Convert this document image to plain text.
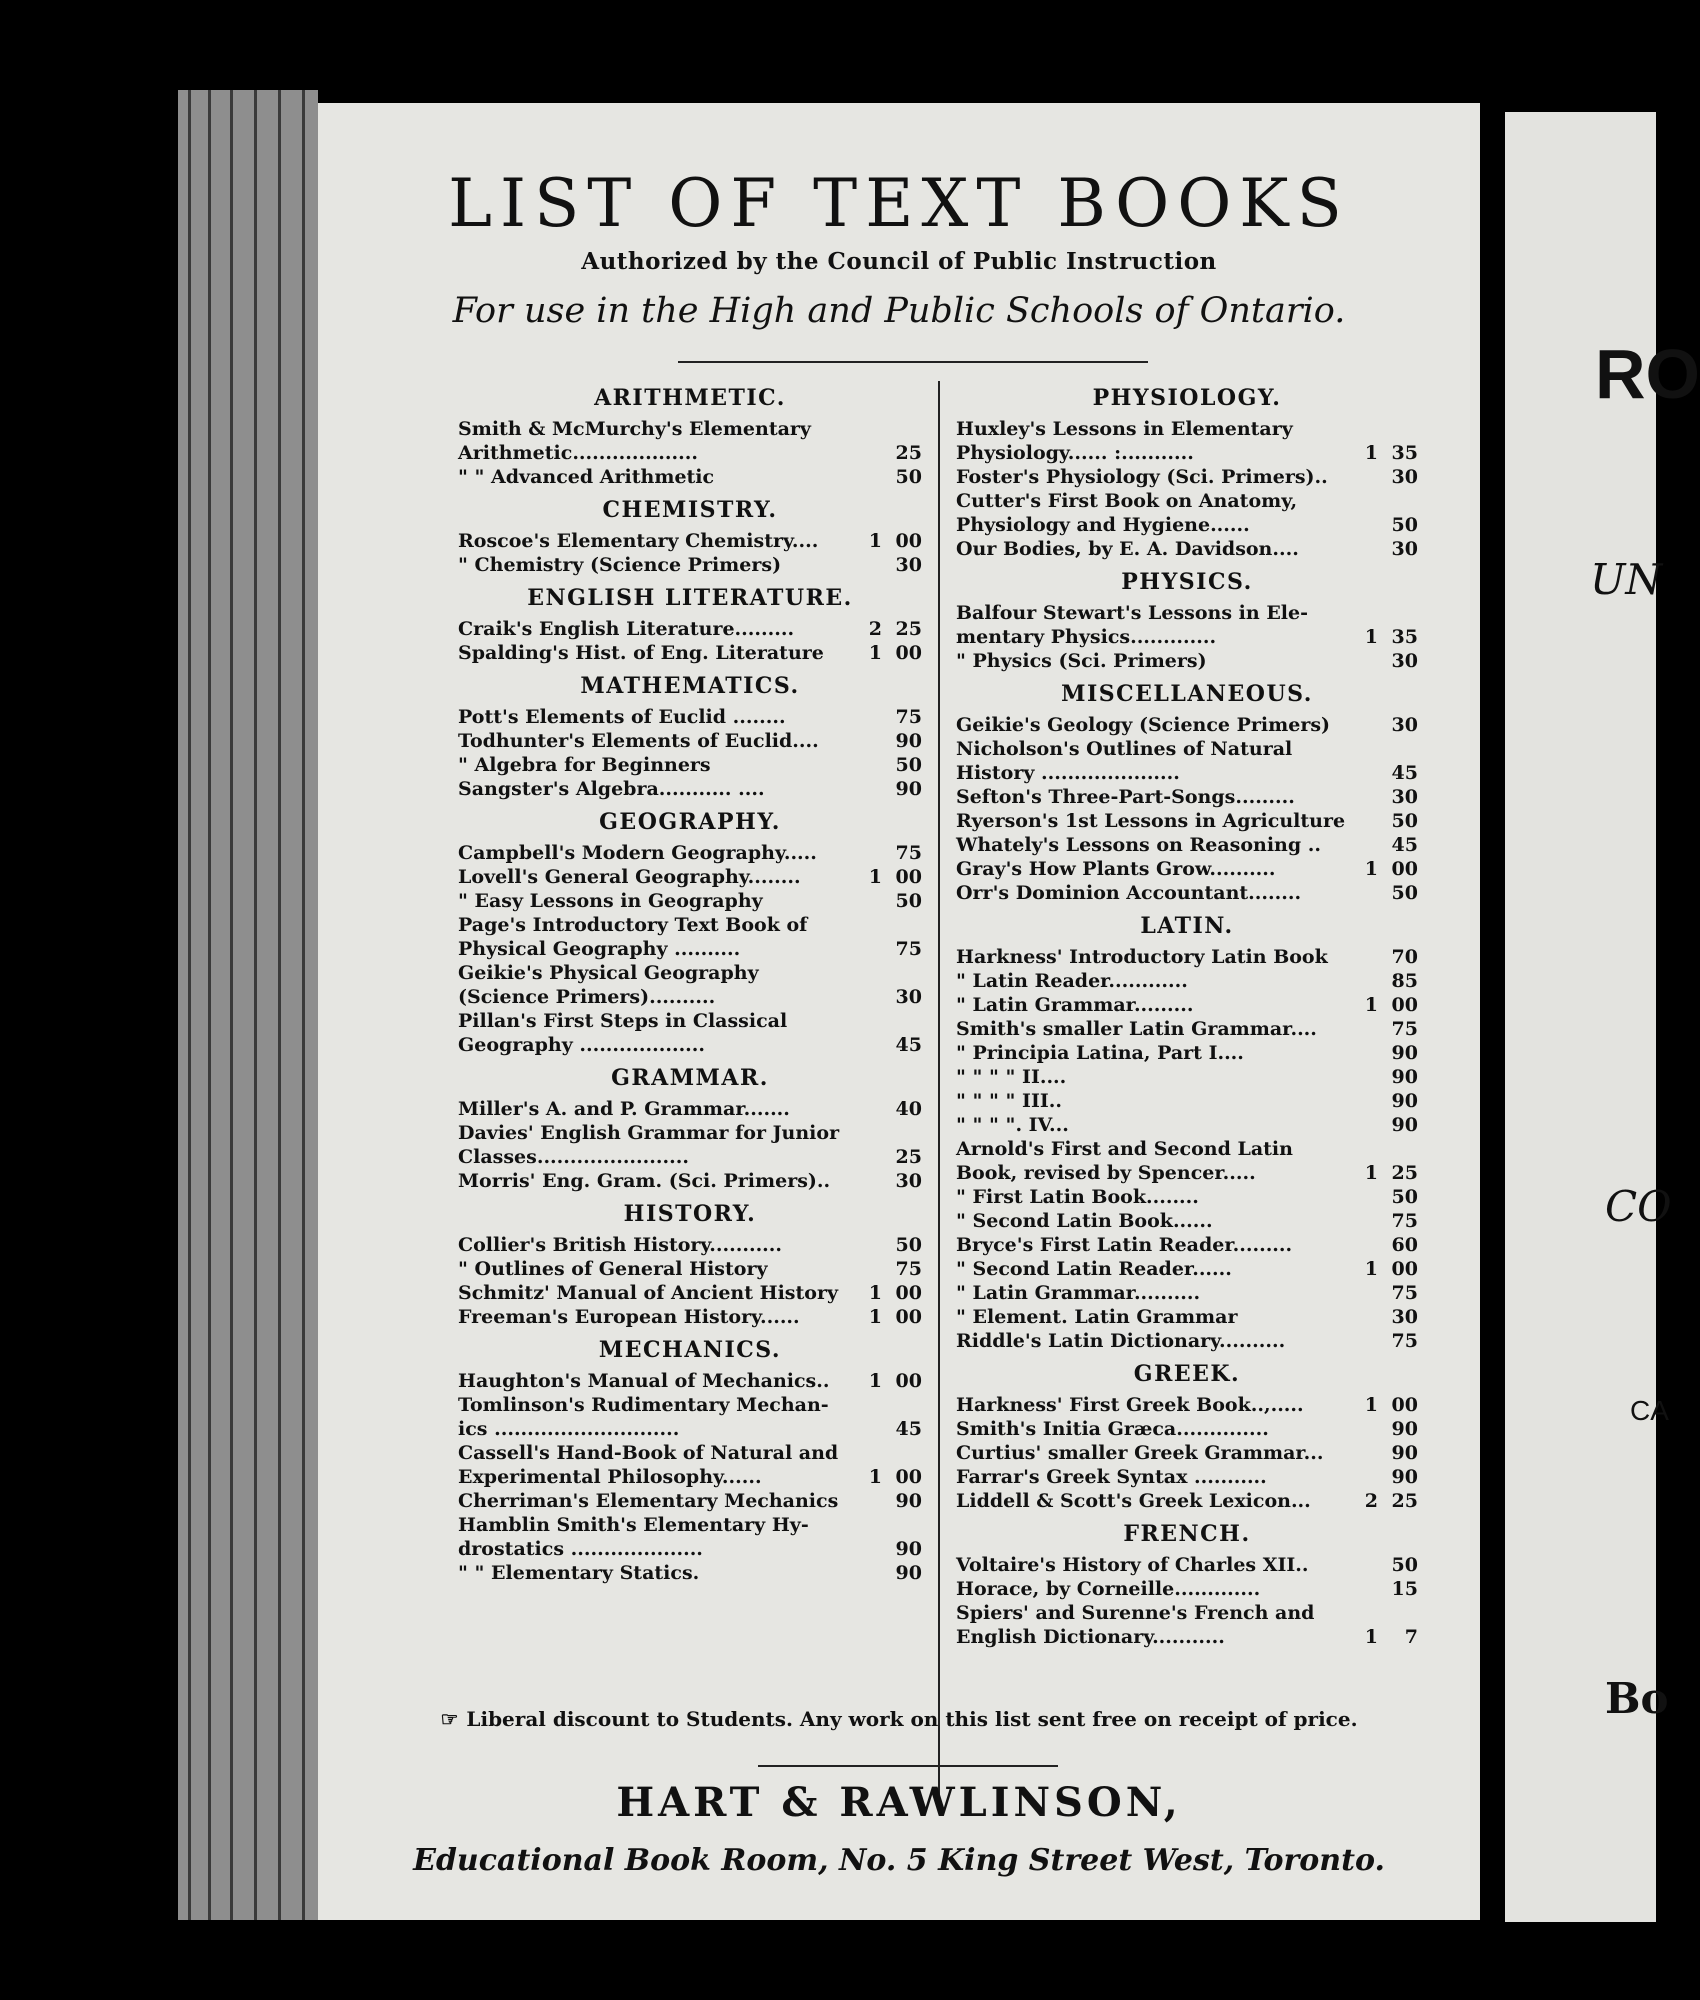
LIST OF TEXT BOOKS
Authorized by the Council of Public Instruction
For use in the High and Public Schools of Ontario.
ARITHMETIC.
Smith & McMurchy's Elementary
Arithmetic...................	25
" " Advanced Arithmetic	50
CHEMISTRY.
Roscoe's Elementary Chemistry....	1 00
" Chemistry (Science Primers)	30
ENGLISH LITERATURE.
Craik's English Literature.........	2 25
Spalding's Hist. of Eng. Literature	1 00
MATHEMATICS.
Pott's Elements of Euclid ........	75
Todhunter's Elements of Euclid....	90
" Algebra for Beginners	50
Sangster's Algebra........... ....	90
GEOGRAPHY.
Campbell's Modern Geography.....	75
Lovell's General Geography........	1 00
" Easy Lessons in Geography	50
Page's Introductory Text Book of
Physical Geography ..........	75
Geikie's Physical Geography
(Science Primers)..........	30
Pillan's First Steps in Classical
Geography ...................	45
GRAMMAR.
Miller's A. and P. Grammar.......	40
Davies' English Grammar for Junior
Classes.......................	25
Morris' Eng. Gram. (Sci. Primers)..	30
HISTORY.
Collier's British History...........	50
" Outlines of General History	75
Schmitz' Manual of Ancient History	1 00
Freeman's European History......	1 00
MECHANICS.
Haughton's Manual of Mechanics..	1 00
Tomlinson's Rudimentary Mechan-
ics ............................	45
Cassell's Hand-Book of Natural and
Experimental Philosophy......	1 00
Cherriman's Elementary Mechanics	90
Hamblin Smith's Elementary Hy-
drostatics ....................	90
" " Elementary Statics.	90
PHYSIOLOGY.
Huxley's Lessons in Elementary
Physiology...... :...........	1 35
Foster's Physiology (Sci. Primers)..	30
Cutter's First Book on Anatomy,
Physiology and Hygiene......	50
Our Bodies, by E. A. Davidson....	30
PHYSICS.
Balfour Stewart's Lessons in Ele-
mentary Physics.............	1 35
" Physics (Sci. Primers)	30
MISCELLANEOUS.
Geikie's Geology (Science Primers)	30
Nicholson's Outlines of Natural
History .....................	45
Sefton's Three-Part-Songs.........	30
Ryerson's 1st Lessons in Agriculture	50
Whately's Lessons on Reasoning ..	45
Gray's How Plants Grow..........	1 00
Orr's Dominion Accountant........	50
LATIN.
Harkness' Introductory Latin Book	70
" Latin Reader............	85
" Latin Grammar.........	1 00
Smith's smaller Latin Grammar....	75
" Principia Latina, Part I....	90
" " " " II....	90
" " " " III..	90
" " " ". IV...	90
Arnold's First and Second Latin
Book, revised by Spencer.....	1 25
" First Latin Book........	50
" Second Latin Book......	75
Bryce's First Latin Reader.........	60
" Second Latin Reader......	1 00
" Latin Grammar..........	75
" Element. Latin Grammar	30
Riddle's Latin Dictionary..........	75
GREEK.
Harkness' First Greek Book..,.....	1 00
Smith's Initia Græca..............	90
Curtius' smaller Greek Grammar...	90
Farrar's Greek Syntax ...........	90
Liddell & Scott's Greek Lexicon...	2 25
FRENCH.
Voltaire's History of Charles XII..	50
Horace, by Corneille.............	15
Spiers' and Surenne's French and
English Dictionary...........	1	7
☞ Liberal discount to Students. Any work on this list sent free on receipt of price.
HART & RAWLINSON,
Educational Book Room, No. 5 King Street West, Toronto.
RO
UN
CO
CA
Bo
